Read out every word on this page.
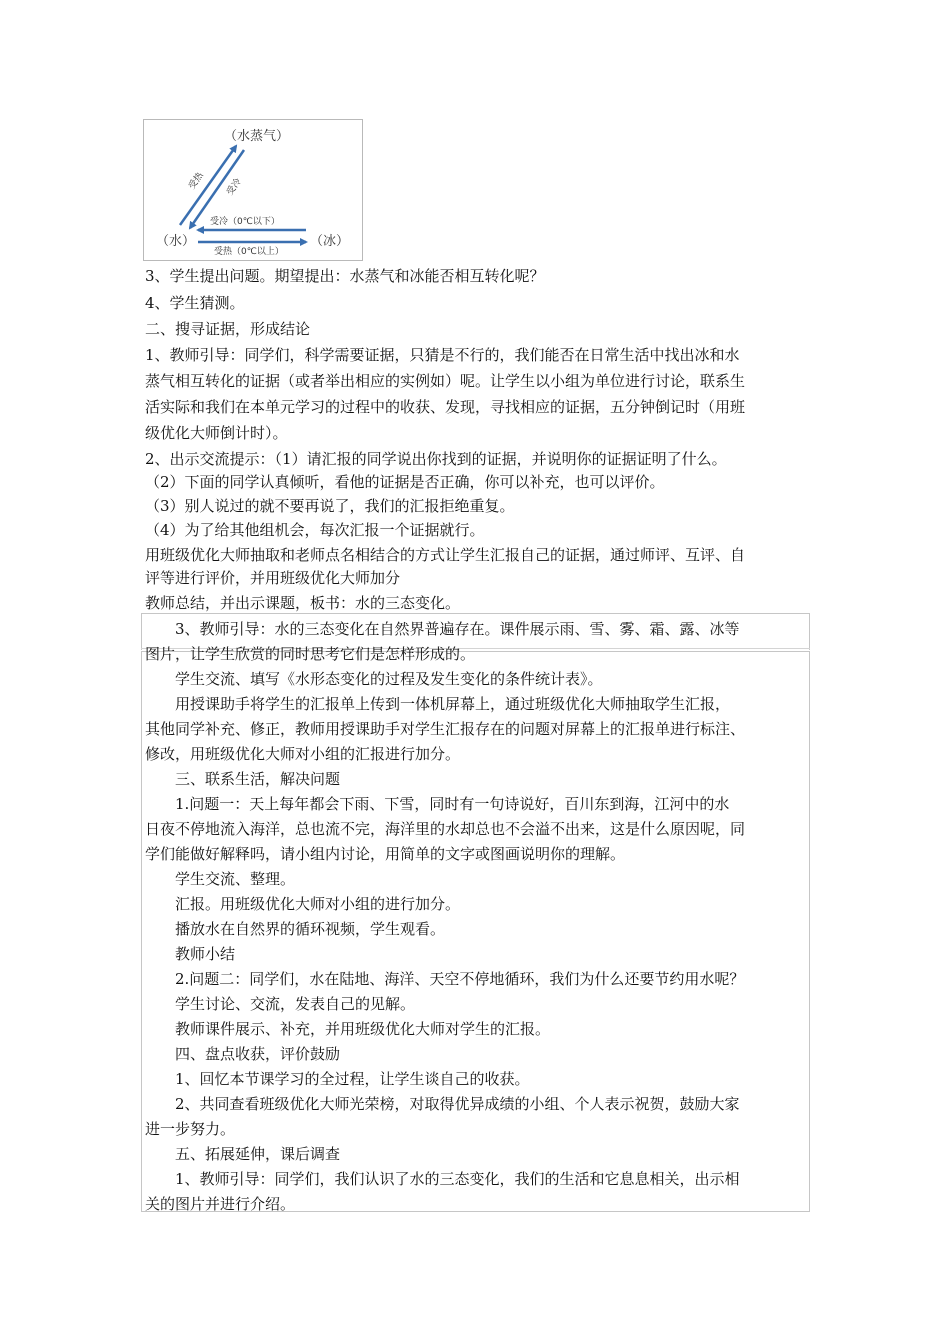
（水蒸气）
（水）	（冰）
受热 受冷
受冷（0℃以下）
受热（0℃以上）
3、学生提出问题。期望提出：水蒸气和冰能否相互转化呢？
4、学生猜测。
二、搜寻证据，形成结论
1、教师引导：同学们，科学需要证据，只猜是不行的，我们能否在日常生活中找出冰和水
蒸气相互转化的证据（或者举出相应的实例如）呢。让学生以小组为单位进行讨论，联系生
活实际和我们在本单元学习的过程中的收获、发现，寻找相应的证据，五分钟倒记时（用班
级优化大师倒计时）。
2、出示交流提示：（1）请汇报的同学说出你找到的证据，并说明你的证据证明了什么。
（2）下面的同学认真倾听，看他的证据是否正确，你可以补充，也可以评价。
（3）别人说过的就不要再说了，我们的汇报拒绝重复。
（4）为了给其他组机会，每次汇报一个证据就行。
用班级优化大师抽取和老师点名相结合的方式让学生汇报自己的证据，通过师评、互评、自
评等进行评价，并用班级优化大师加分
教师总结，并出示课题，板书：水的三态变化。
　　3、教师引导：水的三态变化在自然界普遍存在。课件展示雨、雪、雾、霜、露、冰等
图片，让学生欣赏的同时思考它们是怎样形成的。
　　学生交流、填写《水形态变化的过程及发生变化的条件统计表》。
　　用授课助手将学生的汇报单上传到一体机屏幕上，通过班级优化大师抽取学生汇报，
其他同学补充、修正，教师用授课助手对学生汇报存在的问题对屏幕上的汇报单进行标注、
修改，用班级优化大师对小组的汇报进行加分。
　　三、联系生活，解决问题
　　1.问题一：天上每年都会下雨、下雪，同时有一句诗说好，百川东到海，江河中的水
日夜不停地流入海洋，总也流不完，海洋里的水却总也不会溢不出来，这是什么原因呢，同
学们能做好解释吗，请小组内讨论，用简单的文字或图画说明你的理解。
　　学生交流、整理。
　　汇报。用班级优化大师对小组的进行加分。
　　播放水在自然界的循环视频，学生观看。
　　教师小结
　　2.问题二：同学们，水在陆地、海洋、天空不停地循环，我们为什么还要节约用水呢？
　　学生讨论、交流，发表自己的见解。
　　教师课件展示、补充，并用班级优化大师对学生的汇报。
　　四、盘点收获，评价鼓励
　　1、回忆本节课学习的全过程，让学生谈自己的收获。
　　2、共同查看班级优化大师光荣榜，对取得优异成绩的小组、个人表示祝贺，鼓励大家
进一步努力。
　　五、拓展延伸，课后调查
　　1、教师引导：同学们，我们认识了水的三态变化，我们的生活和它息息相关，出示相
关的图片并进行介绍。
